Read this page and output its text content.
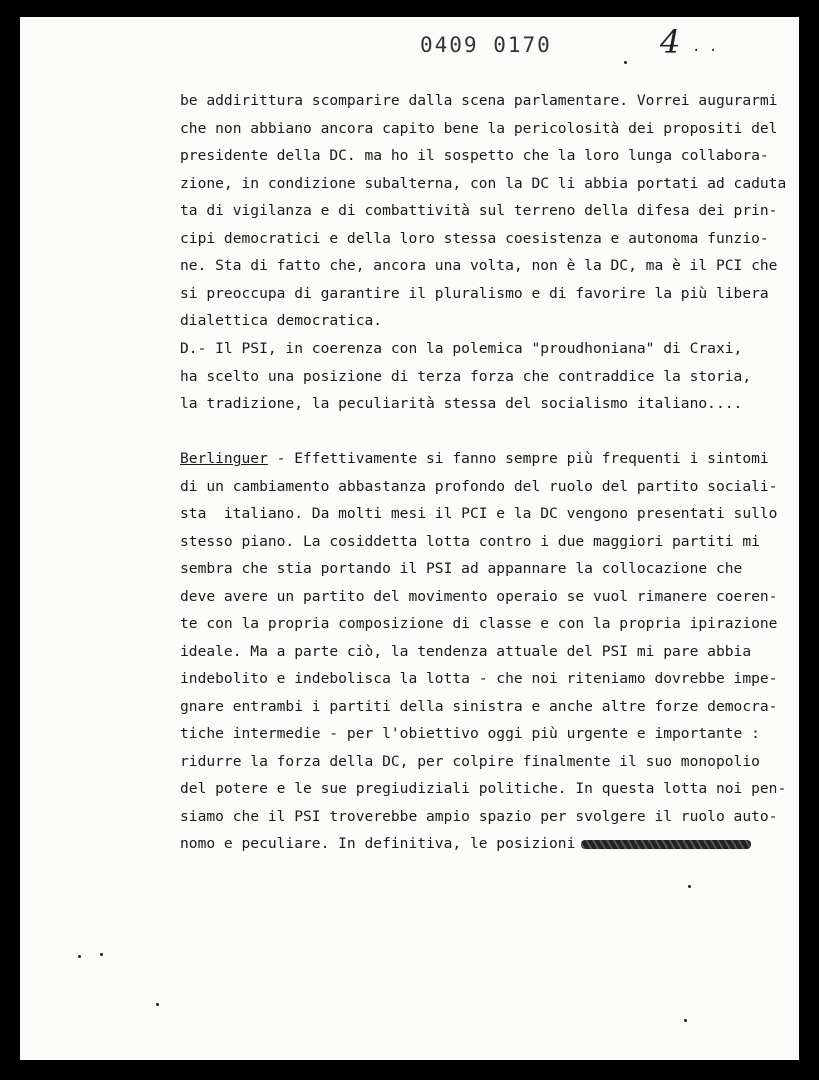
0409 0170	4 . .
be addirittura scomparire dalla scena parlamentare. Vorrei augurarmi
che non abbiano ancora capito bene la pericolosità dei propositi del
presidente della DC. ma ho il sospetto che la loro lunga collabora-
zione, in condizione subalterna, con la DC li abbia portati ad caduta
ta di vigilanza e di combattività sul terreno della difesa dei prin-
cipi democratici e della loro stessa coesistenza e autonoma funzio-
ne. Sta di fatto che, ancora una volta, non è la DC, ma è il PCI che
si preoccupa di garantire il pluralismo e di favorire la più libera
dialettica democratica.
D.- Il PSI, in coerenza con la polemica "proudhoniana" di Craxi,
ha scelto una posizione di terza forza che contraddice la storia,
la tradizione, la peculiarità stessa del socialismo italiano....
Berlinguer - Effettivamente si fanno sempre più frequenti i sintomi
di un cambiamento abbastanza profondo del ruolo del partito sociali-
sta  italiano. Da molti mesi il PCI e la DC vengono presentati sullo
stesso piano. La cosiddetta lotta contro i due maggiori partiti mi
sembra che stia portando il PSI ad appannare la collocazione che
deve avere un partito del movimento operaio se vuol rimanere coeren-
te con la propria composizione di classe e con la propria ipirazione
ideale. Ma a parte ciò, la tendenza attuale del PSI mi pare abbia
indebolito e indebolisca la lotta - che noi riteniamo dovrebbe impe-
gnare entrambi i partiti della sinistra e anche altre forze democra-
tiche intermedie - per l'obiettivo oggi più urgente e importante :
ridurre la forza della DC, per colpire finalmente il suo monopolio
del potere e le sue pregiudiziali politiche. In questa lotta noi pen-
siamo che il PSI troverebbe ampio spazio per svolgere il ruolo auto-
nomo e peculiare. In definitiva, le posizioni
